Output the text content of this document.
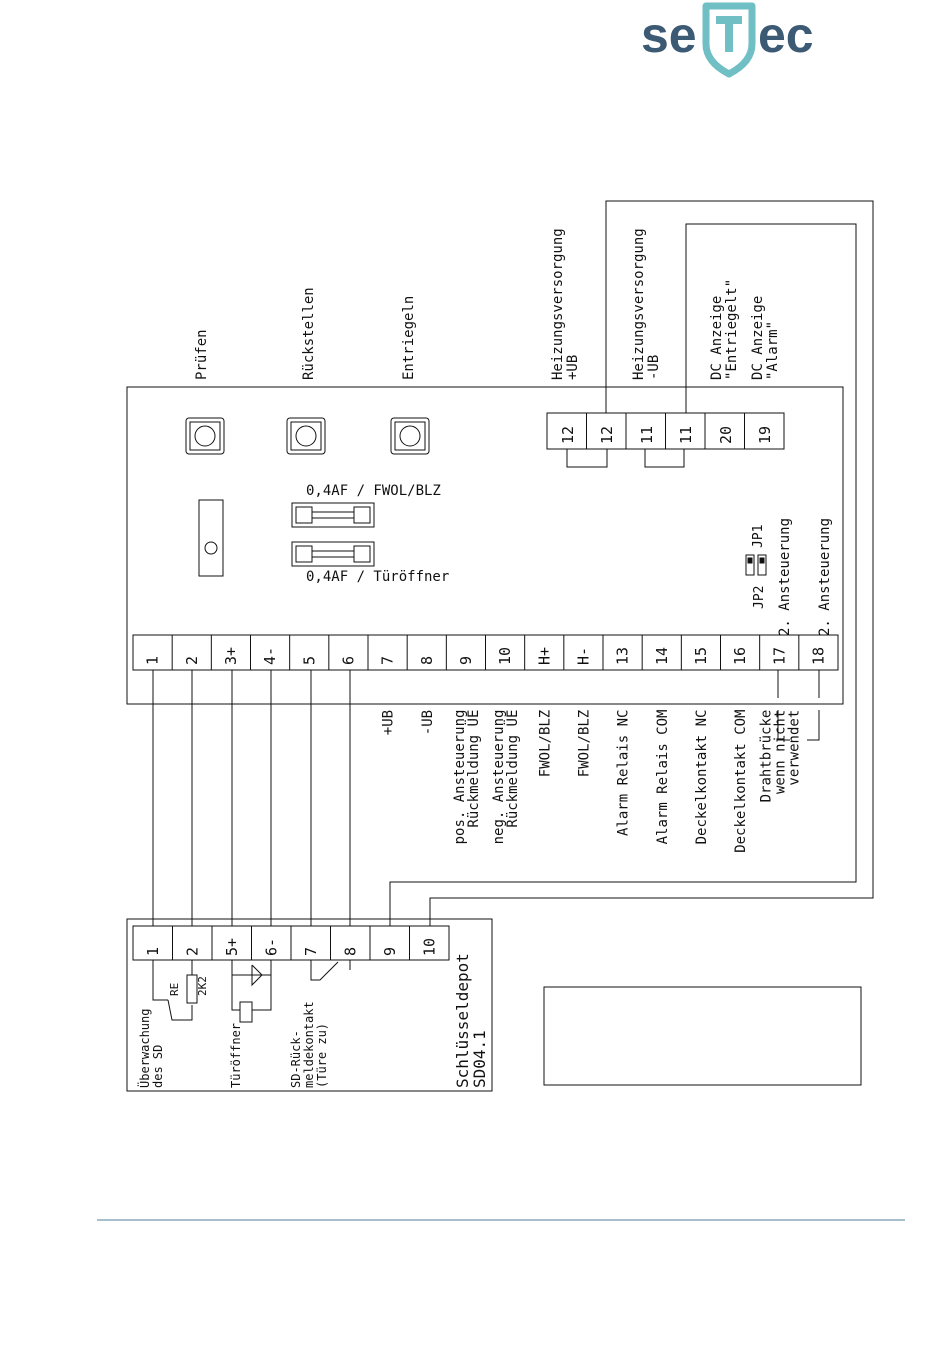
se ec
Prüfen	Rückstellen	Entriegeln
0,4AF / FWOL/BLZ
0,4AF / Türöffner
JP1
JP2 2. Ansteuerung 2. Ansteuerung
12 12 11 11 20 19
Heizungsversorgung +UB	Heizungsversorgung -UB	DC Anzeige "Entriegelt" DC Anzeige "Alarm"
1 2 3+ 4- 5 6 7 8 9 10 H+ H- 13 14 15 16 17 18
+UB -UB pos. Ansteuerung
Rückmeldung ÜE neg. Ansteuerung
Rückmeldung ÜE FWOL/BLZ FWOL/BLZ Alarm Relais NC Alarm Relais COM Deckelkontakt NC Deckelkontakt COM Drahtbrücke
wenn nicht
verwendet
1 2 5+ 6- 7 8 9 10
Schlüsseldepot
SD04.1
RE 2K2
Überwachung des SD	Türöffner	SD-Rück- meldekontakt (Türe zu)
